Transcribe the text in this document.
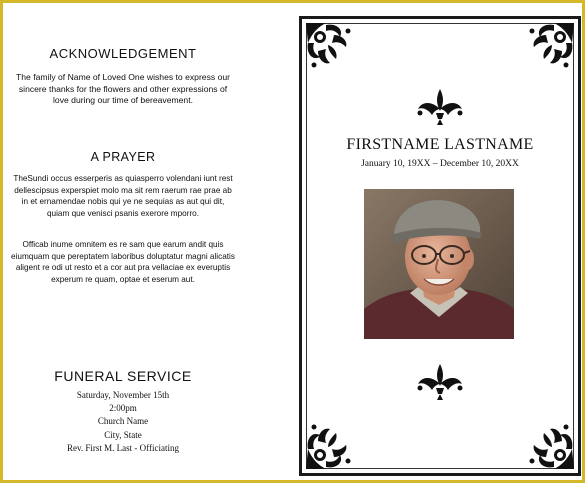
ACKNOWLEDGEMENT
The family of Name of Loved One wishes to express our sincere thanks for the flowers and other expressions of love during our time of bereavement.
A PRAYER
TheSundi occus esserperis as quiasperro volendani iunt rest dellescipsus experspiet molo ma sit rem raerum rae prae ab in et ernamendae nobis qui ye ne sequias as aut qui dit, quiam que venisci psanis exerore mporro.
Officab inume omnitem es re sam que earum andit quis eiumquam que pereptatem laboribus doluptatur magni alicatis aligent re odi ut resto et a cor aut pra vellaciae ex everuptis experum re quam, optae et eserum aut.
FUNERAL SERVICE
Saturday, November 15th
2:00pm
Church Name
City, State
Rev. First M. Last - Officiating
FIRSTNAME LASTNAME
January 10, 19XX – December 10, 20XX
